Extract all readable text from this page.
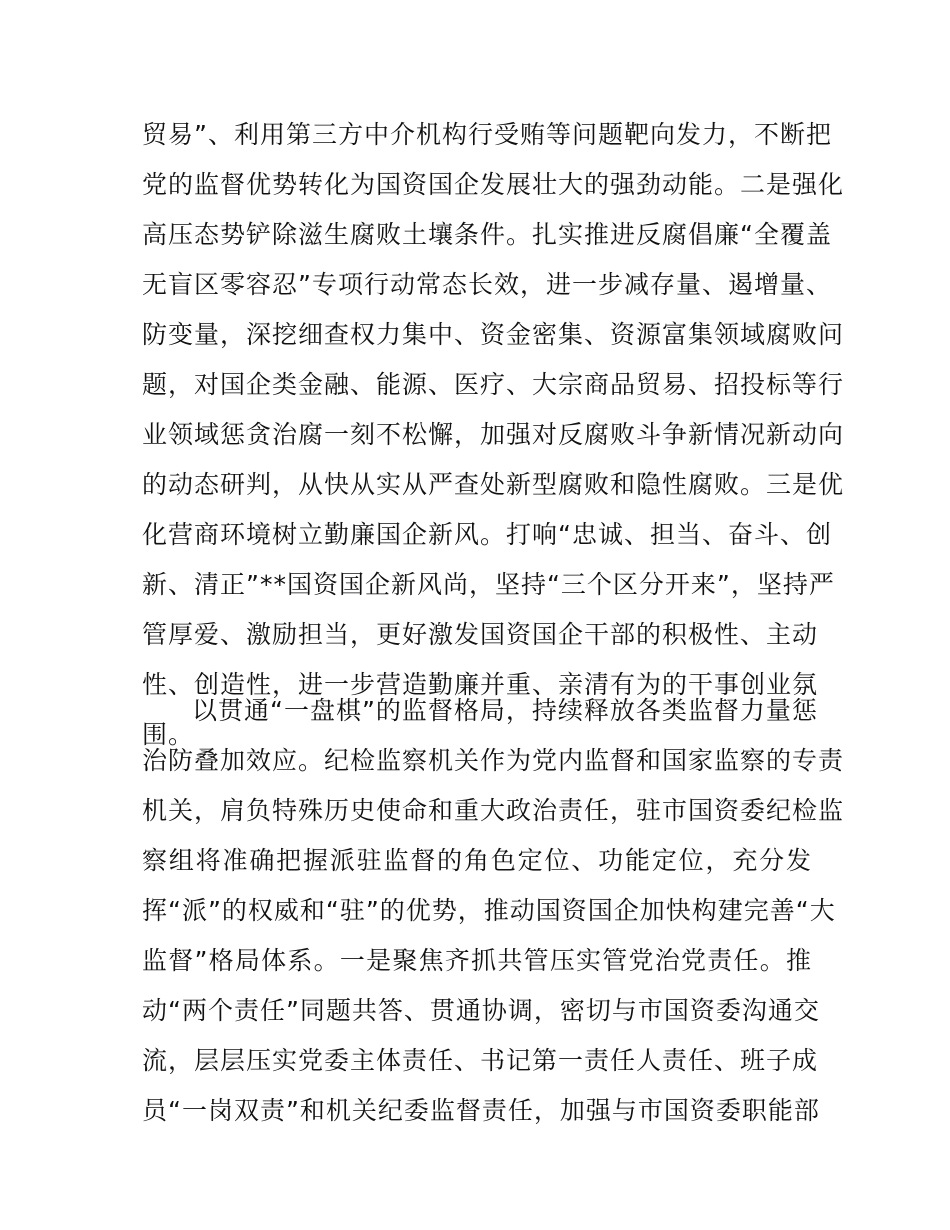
贸易”、利用第三方中介机构行受贿等问题靶向发力，不断把
党的监督优势转化为国资国企发展壮大的强劲动能。二是强化
高压态势铲除滋生腐败土壤条件。扎实推进反腐倡廉“全覆盖
无盲区零容忍”专项行动常态长效，进一步减存量、遏增量、
防变量，深挖细查权力集中、资金密集、资源富集领域腐败问
题，对国企类金融、能源、医疗、大宗商品贸易、招投标等行
业领域惩贪治腐一刻不松懈，加强对反腐败斗争新情况新动向
的动态研判，从快从实从严查处新型腐败和隐性腐败。三是优
化营商环境树立勤廉国企新风。打响“忠诚、担当、奋斗、创
新、清正”**国资国企新风尚，坚持“三个区分开来”，坚持严
管厚爱、激励担当，更好激发国资国企干部的积极性、主动
性、创造性，进一步营造勤廉并重、亲清有为的干事创业氛
围。
以贯通“一盘棋”的监督格局，持续释放各类监督力量惩
治防叠加效应。纪检监察机关作为党内监督和国家监察的专责
机关，肩负特殊历史使命和重大政治责任，驻市国资委纪检监
察组将准确把握派驻监督的角色定位、功能定位，充分发
挥“派”的权威和“驻”的优势，推动国资国企加快构建完善“大
监督”格局体系。一是聚焦齐抓共管压实管党治党责任。推
动“两个责任”同题共答、贯通协调，密切与市国资委沟通交
流，层层压实党委主体责任、书记第一责任人责任、班子成
员“一岗双责”和机关纪委监督责任，加强与市国资委职能部
